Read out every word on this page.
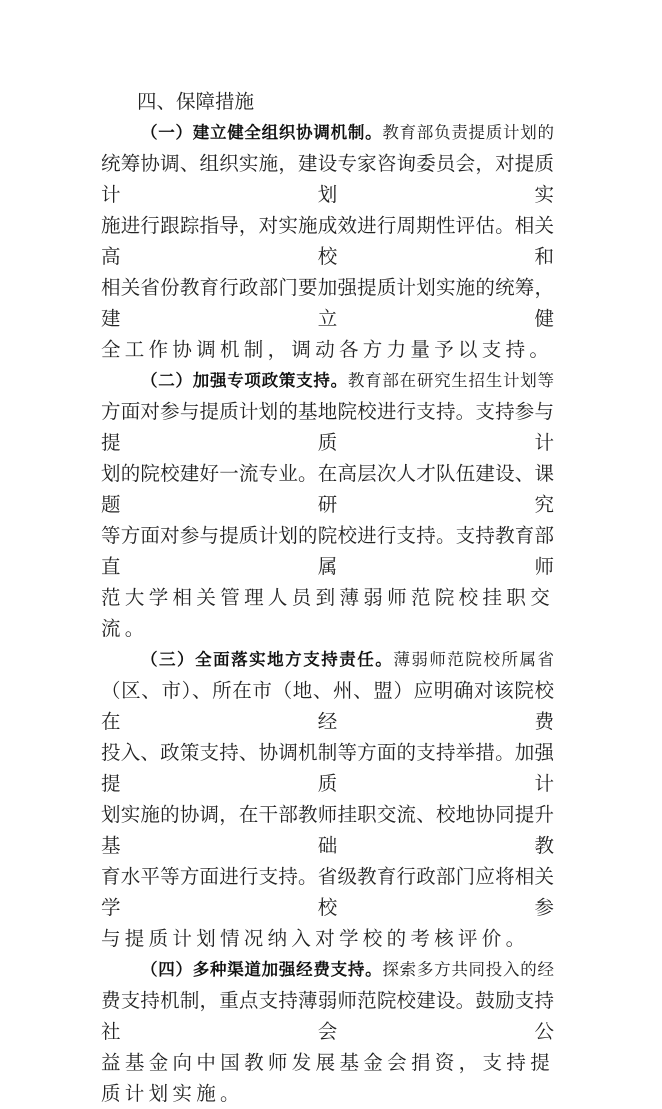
四、保障措施
（一）建立健全组织协调机制。教育部负责提质计划的
统筹协调、组织实施，建设专家咨询委员会，对提质计划实
施进行跟踪指导，对实施成效进行周期性评估。相关高校和
相关省份教育行政部门要加强提质计划实施的统筹，建立健
全工作协调机制，调动各方力量予以支持。
（二）加强专项政策支持。教育部在研究生招生计划等
方面对参与提质计划的基地院校进行支持。支持参与提质计
划的院校建好一流专业。在高层次人才队伍建设、课题研究
等方面对参与提质计划的院校进行支持。支持教育部直属师
范大学相关管理人员到薄弱师范院校挂职交流。
（三）全面落实地方支持责任。薄弱师范院校所属省
（区、市）、所在市（地、州、盟）应明确对该院校在经费
投入、政策支持、协调机制等方面的支持举措。加强提质计
划实施的协调，在干部教师挂职交流、校地协同提升基础教
育水平等方面进行支持。省级教育行政部门应将相关学校参
与提质计划情况纳入对学校的考核评价。
（四）多种渠道加强经费支持。探索多方共同投入的经
费支持机制，重点支持薄弱师范院校建设。鼓励支持社会公
益基金向中国教师发展基金会捐资，支持提质计划实施。
